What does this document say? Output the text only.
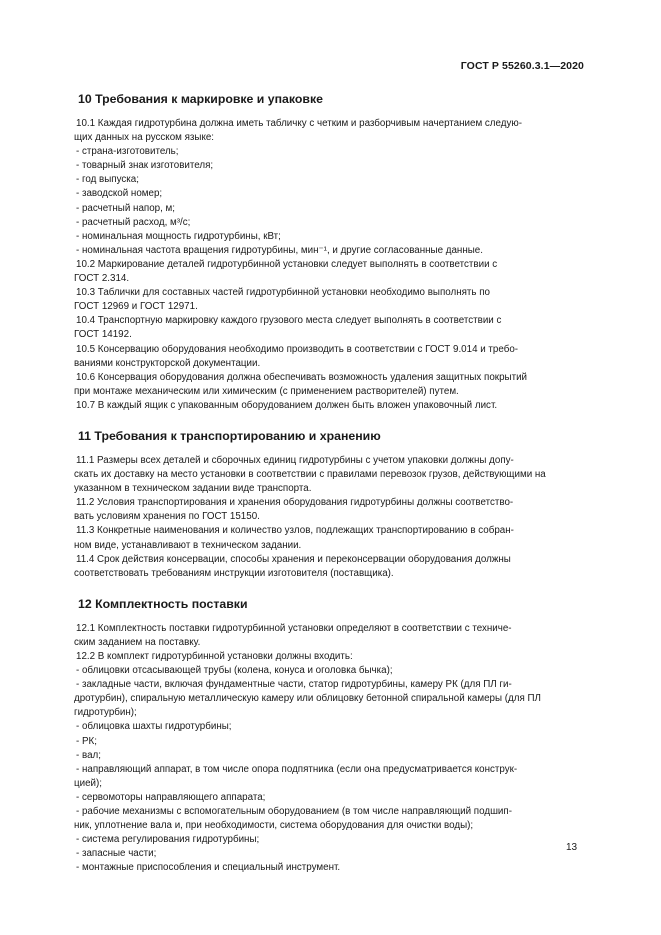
ГОСТ Р 55260.3.1—2020
10 Требования к маркировке и упаковке
10.1 Каждая гидротурбина должна иметь табличку с четким и разборчивым начертанием следую-
щих данных на русском языке:
- страна-изготовитель;
- товарный знак изготовителя;
- год выпуска;
- заводской номер;
- расчетный напор, м;
- расчетный расход, м³/с;
- номинальная мощность гидротурбины, кВт;
- номинальная частота вращения гидротурбины, мин⁻¹, и другие согласованные данные.
10.2 Маркирование деталей гидротурбинной установки следует выполнять в соответствии с
ГОСТ 2.314.
10.3 Таблички для составных частей гидротурбинной установки необходимо выполнять по
ГОСТ 12969 и ГОСТ 12971.
10.4 Транспортную маркировку каждого грузового места следует выполнять в соответствии с
ГОСТ 14192.
10.5 Консервацию оборудования необходимо производить в соответствии с ГОСТ 9.014 и требо-
ваниями конструкторской документации.
10.6 Консервация оборудования должна обеспечивать возможность удаления защитных покрытий
при монтаже механическим или химическим (с применением растворителей) путем.
10.7 В каждый ящик с упакованным оборудованием должен быть вложен упаковочный лист.
11 Требования к транспортированию и хранению
11.1 Размеры всех деталей и сборочных единиц гидротурбины с учетом упаковки должны допу-
скать их доставку на место установки в соответствии с правилами перевозок грузов, действующими на
указанном в техническом задании виде транспорта.
11.2 Условия транспортирования и хранения оборудования гидротурбины должны соответство-
вать условиям хранения по ГОСТ 15150.
11.3 Конкретные наименования и количество узлов, подлежащих транспортированию в собран-
ном виде, устанавливают в техническом задании.
11.4 Срок действия консервации, способы хранения и переконсервации оборудования должны
соответствовать требованиям инструкции изготовителя (поставщика).
12 Комплектность поставки
12.1 Комплектность поставки гидротурбинной установки определяют в соответствии с техниче-
ским заданием на поставку.
12.2 В комплект гидротурбинной установки должны входить:
- облицовки отсасывающей трубы (колена, конуса и оголовка бычка);
- закладные части, включая фундаментные части, статор гидротурбины, камеру РК (для ПЛ ги-
дротурбин), спиральную металлическую камеру или облицовку бетонной спиральной камеры (для ПЛ
гидротурбин);
- облицовка шахты гидротурбины;
- РК;
- вал;
- направляющий аппарат, в том числе опора подпятника (если она предусматривается конструк-
цией);
- сервомоторы направляющего аппарата;
- рабочие механизмы с вспомогательным оборудованием (в том числе направляющий подшип-
ник, уплотнение вала и, при необходимости, система оборудования для очистки воды);
- система регулирования гидротурбины;
- запасные части;
- монтажные приспособления и специальный инструмент.
13
